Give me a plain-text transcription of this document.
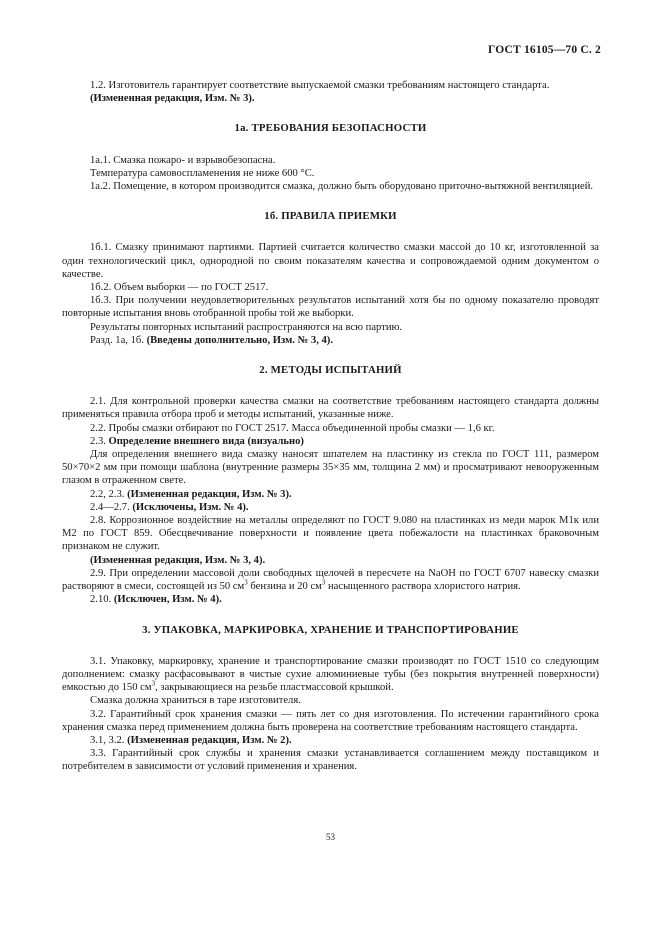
ГОСТ 16105—70 С. 2

1.2. Изготовитель гарантирует соответствие выпускаемой смазки требованиям настоящего стандарта.

(Измененная редакция, Изм. № 3).

1а. ТРЕБОВАНИЯ БЕЗОПАСНОСТИ

1а.1. Смазка пожаро- и взрывобезопасна.

Температура самовоспламенения не ниже 600 °С.

1а.2. Помещение, в котором производится смазка, должно быть оборудовано приточно-вытяжной вентиляцией.

1б. ПРАВИЛА ПРИЕМКИ

1б.1. Смазку принимают партиями. Партией считается количество смазки массой до 10 кг, изготовленной за один технологический цикл, однородной по своим показателям качества и сопровождаемой одним документом о качестве.

1б.2. Объем выборки — по ГОСТ 2517.

1б.3. При получении неудовлетворительных результатов испытаний хотя бы по одному показателю проводят повторные испытания вновь отобранной пробы той же выборки.

Результаты повторных испытаний распространяются на всю партию.

Разд. 1а, 1б. (Введены дополнительно, Изм. № 3, 4).

2. МЕТОДЫ ИСПЫТАНИЙ

2.1. Для контрольной проверки качества смазки на соответствие требованиям настоящего стандарта должны применяться правила отбора проб и методы испытаний, указанные ниже.

2.2. Пробы смазки отбирают по ГОСТ 2517. Масса объединенной пробы смазки — 1,6 кг.

2.3. Определение внешнего вида (визуально)

Для определения внешнего вида смазку наносят шпателем на пластинку из стекла по ГОСТ 111, размером 50×70×2 мм при помощи шаблона (внутренние размеры 35×35 мм, толщина 2 мм) и просматривают невооруженным глазом в отраженном свете.

2.2, 2.3. (Измененная редакция, Изм. № 3).

2.4—2.7. (Исключены, Изм. № 4).

2.8. Коррозионное воздействие на металлы определяют по ГОСТ 9.080 на пластинках из меди марок М1к или М2 по ГОСТ 859. Обесцвечивание поверхности и появление цвета побежалости на пластинках браковочным признаком не служит.

(Измененная редакция, Изм. № 3, 4).

2.9. При определении массовой доли свободных щелочей в пересчете на NaOH по ГОСТ 6707 навеску смазки растворяют в смеси, состоящей из 50 $см^3$ бензина и 20 $см^3$ насыщенного раствора хлористого натрия.

2.10. (Исключен, Изм. № 4).

3. УПАКОВКА, МАРКИРОВКА, ХРАНЕНИЕ И ТРАНСПОРТИРОВАНИЕ

3.1. Упаковку, маркировку, хранение и транспортирование смазки производят по ГОСТ 1510 со следующим дополнением: смазку расфасовывают в чистые сухие алюминиевые тубы (без покрытия внутренней поверхности) емкостью до 150 $см^3$, закрывающиеся на резьбе пластмассовой крышкой.

Смазка должна храниться в таре изготовителя.

3.2. Гарантийный срок хранения смазки — пять лет со дня изготовления. По истечении гарантийного срока хранения смазка перед применением должна быть проверена на соответствие требованиям настоящего стандарта.

3.1, 3.2. (Измененная редакция, Изм. № 2).

3.3. Гарантийный срок службы и хранения смазки устанавливается соглашением между поставщиком и потребителем в зависимости от условий применения и хранения.

53
